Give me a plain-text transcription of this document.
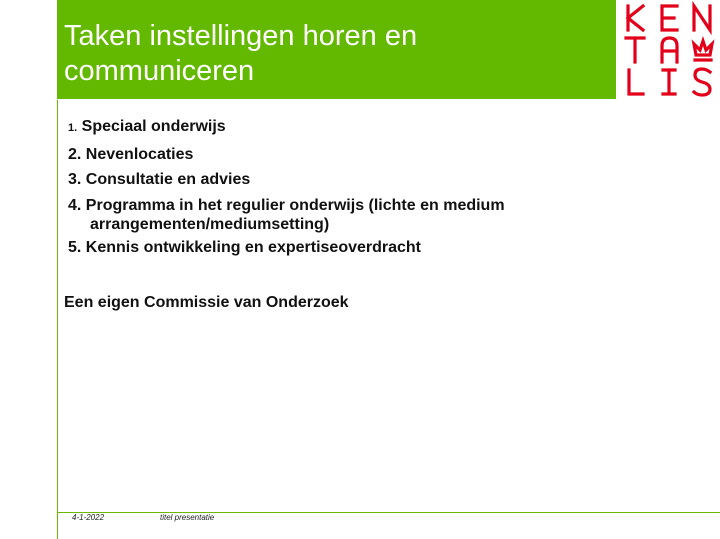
Taken instellingen horen en
communiceren
1. Speciaal onderwijs
2. Nevenlocaties
3. Consultatie en advies
4. Programma in het regulier onderwijs (lichte en medium
arrangementen/mediumsetting)
5. Kennis ontwikkeling en expertiseoverdracht
Een eigen Commissie van Onderzoek
4-1-2022	titel presentatie
